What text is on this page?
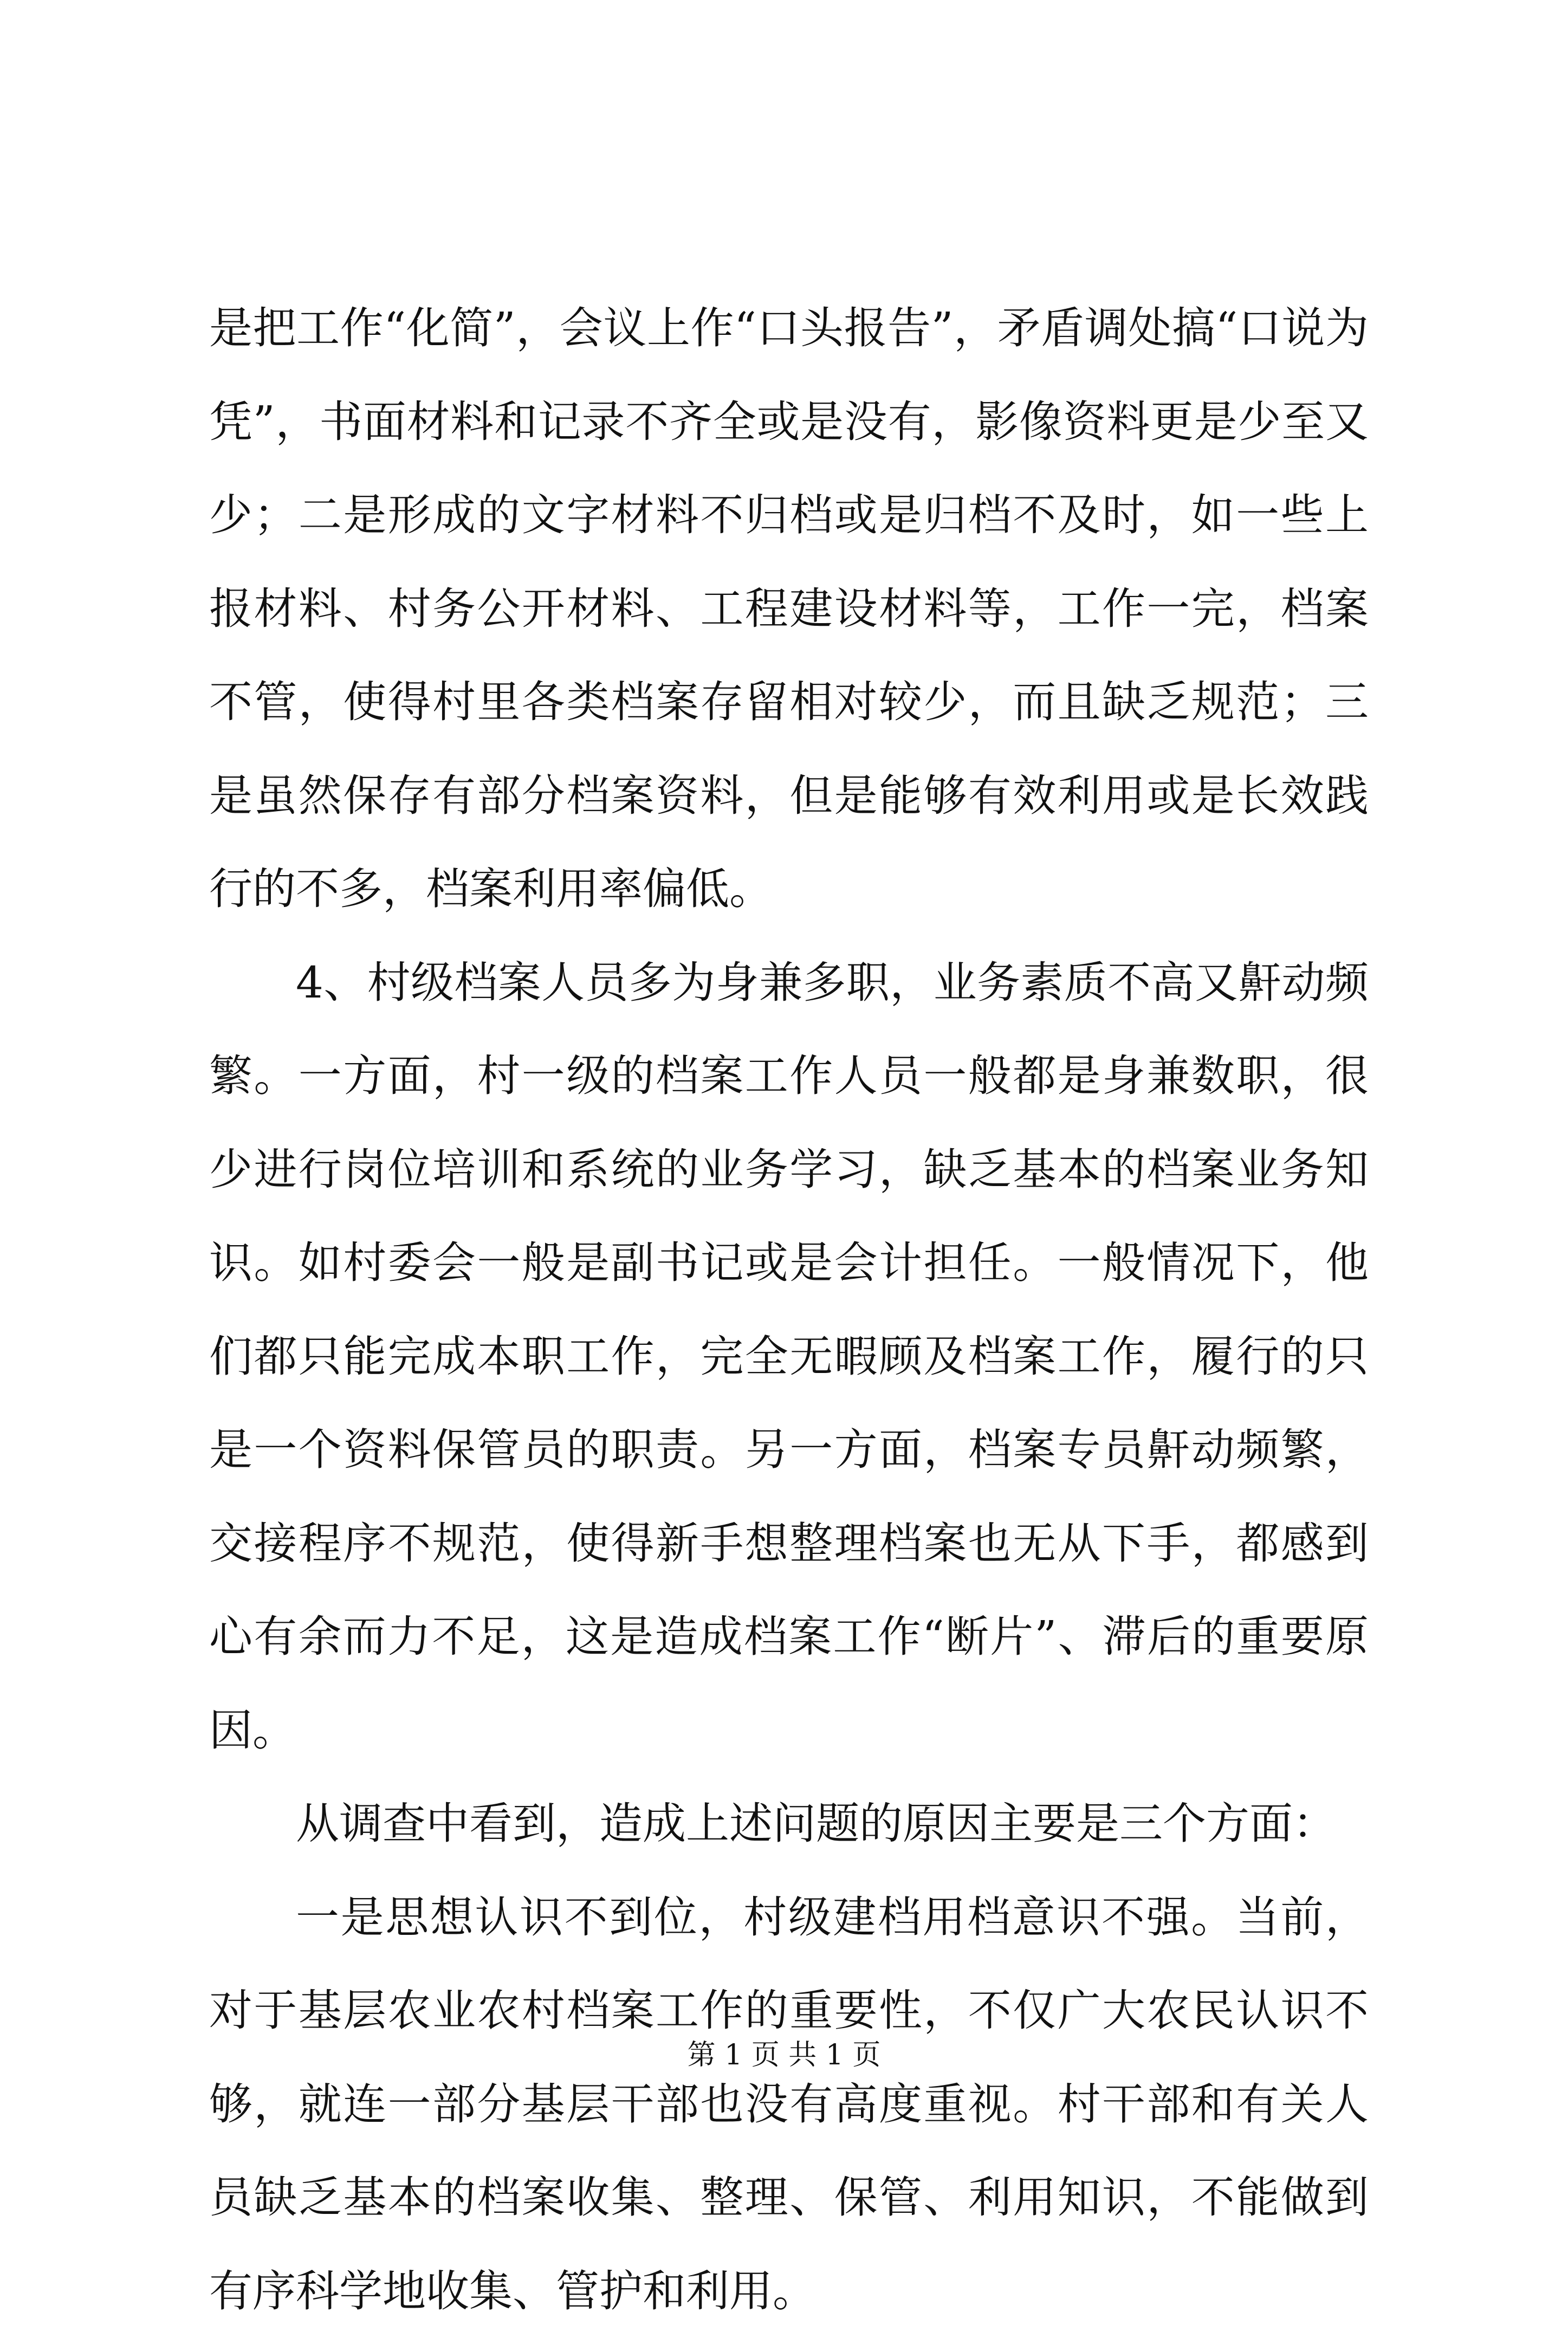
是把工作“化简”，会议上作“口头报告”，矛盾调处搞“口说为凭”，书面材料和记录不齐全或是没有，影像资料更是少至又少；二是形成的文字材料不归档或是归档不及时，如一些上报材料、村务公开材料、工程建设材料等，工作一完，档案不管，使得村里各类档案存留相对较少，而且缺乏规范；三是虽然保存有部分档案资料，但是能够有效利用或是长效践行的不多，档案利用率偏低。

4、村级档案人员多为身兼多职，业务素质不高又鼾动频繁。一方面，村一级的档案工作人员一般都是身兼数职，很少进行岗位培训和系统的业务学习，缺乏基本的档案业务知识。如村委会一般是副书记或是会计担任。一般情况下，他们都只能完成本职工作，完全无暇顾及档案工作，履行的只是一个资料保管员的职责。另一方面，档案专员鼾动频繁，交接程序不规范，使得新手想整理档案也无从下手，都感到心有余而力不足，这是造成档案工作“断片”、滞后的重要原因。

从调查中看到，造成上述问题的原因主要是三个方面：

一是思想认识不到位，村级建档用档意识不强。当前，对于基层农业农村档案工作的重要性，不仅广大农民认识不够，就连一部分基层干部也没有高度重视。村干部和有关人员缺乏基本的档案收集、整理、保管、利用知识，不能做到有序科学地收集、管护和利用。

第 1 页 共 1 页
